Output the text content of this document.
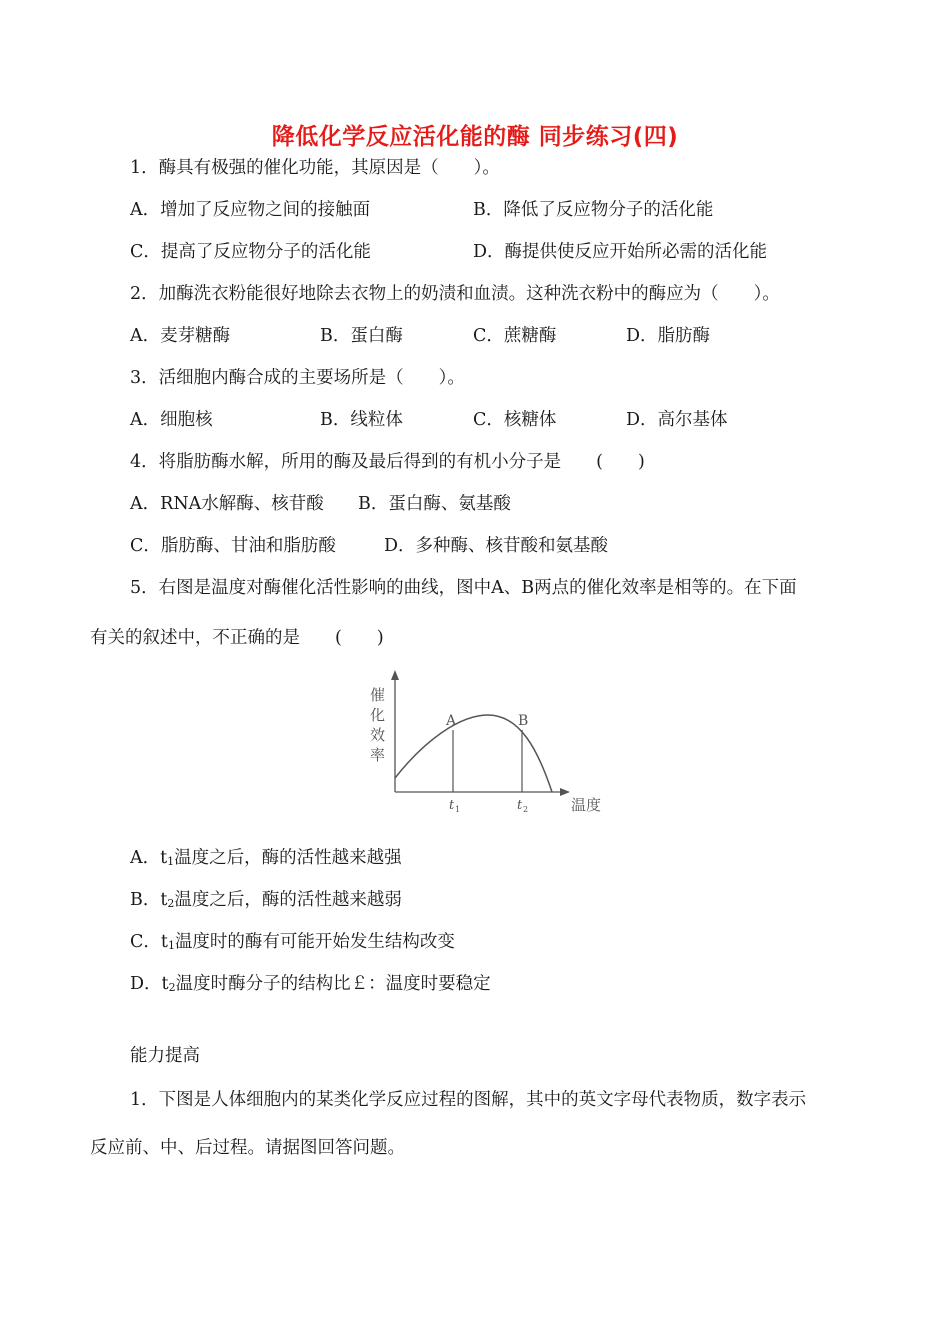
降低化学反应活化能的酶 同步练习(四)
1．酶具有极强的催化功能，其原因是（　　）。
A．增加了反应物之间的接触面	B．降低了反应物分子的活化能
C．提高了反应物分子的活化能	D．酶提供使反应开始所必需的活化能
2．加酶洗衣粉能很好地除去衣物上的奶渍和血渍。这种洗衣粉中的酶应为（　　）。
A．麦芽糖酶	B．蛋白酶	C．蔗糖酶	D．脂肪酶
3．活细胞内酶合成的主要场所是（　　）。
A．细胞核	B．线粒体	C．核糖体	D．高尔基体
4．将脂肪酶水解，所用的酶及最后得到的有机小分子是　　(　　)
A．RNA水解酶、核苷酸 B．蛋白酶、氨基酸
C．脂肪酶、甘油和脂肪酸	D．多种酶、核苷酸和氨基酸
5．右图是温度对酶催化活性影响的曲线，图中A、B两点的催化效率是相等的。在下面
有关的叙述中，不正确的是　　(　　)
催
化
效
率
A	B
t 1	t 2	温度
A．$t_1$温度之后，酶的活性越来越强
B．$t_2$温度之后，酶的活性越来越弱
C．$t_1$温度时的酶有可能开始发生结构改变
D．$t_2$温度时酶分子的结构比￡：温度时要稳定
能力提高
1．下图是人体细胞内的某类化学反应过程的图解，其中的英文字母代表物质，数字表示
反应前、中、后过程。请据图回答问题。
